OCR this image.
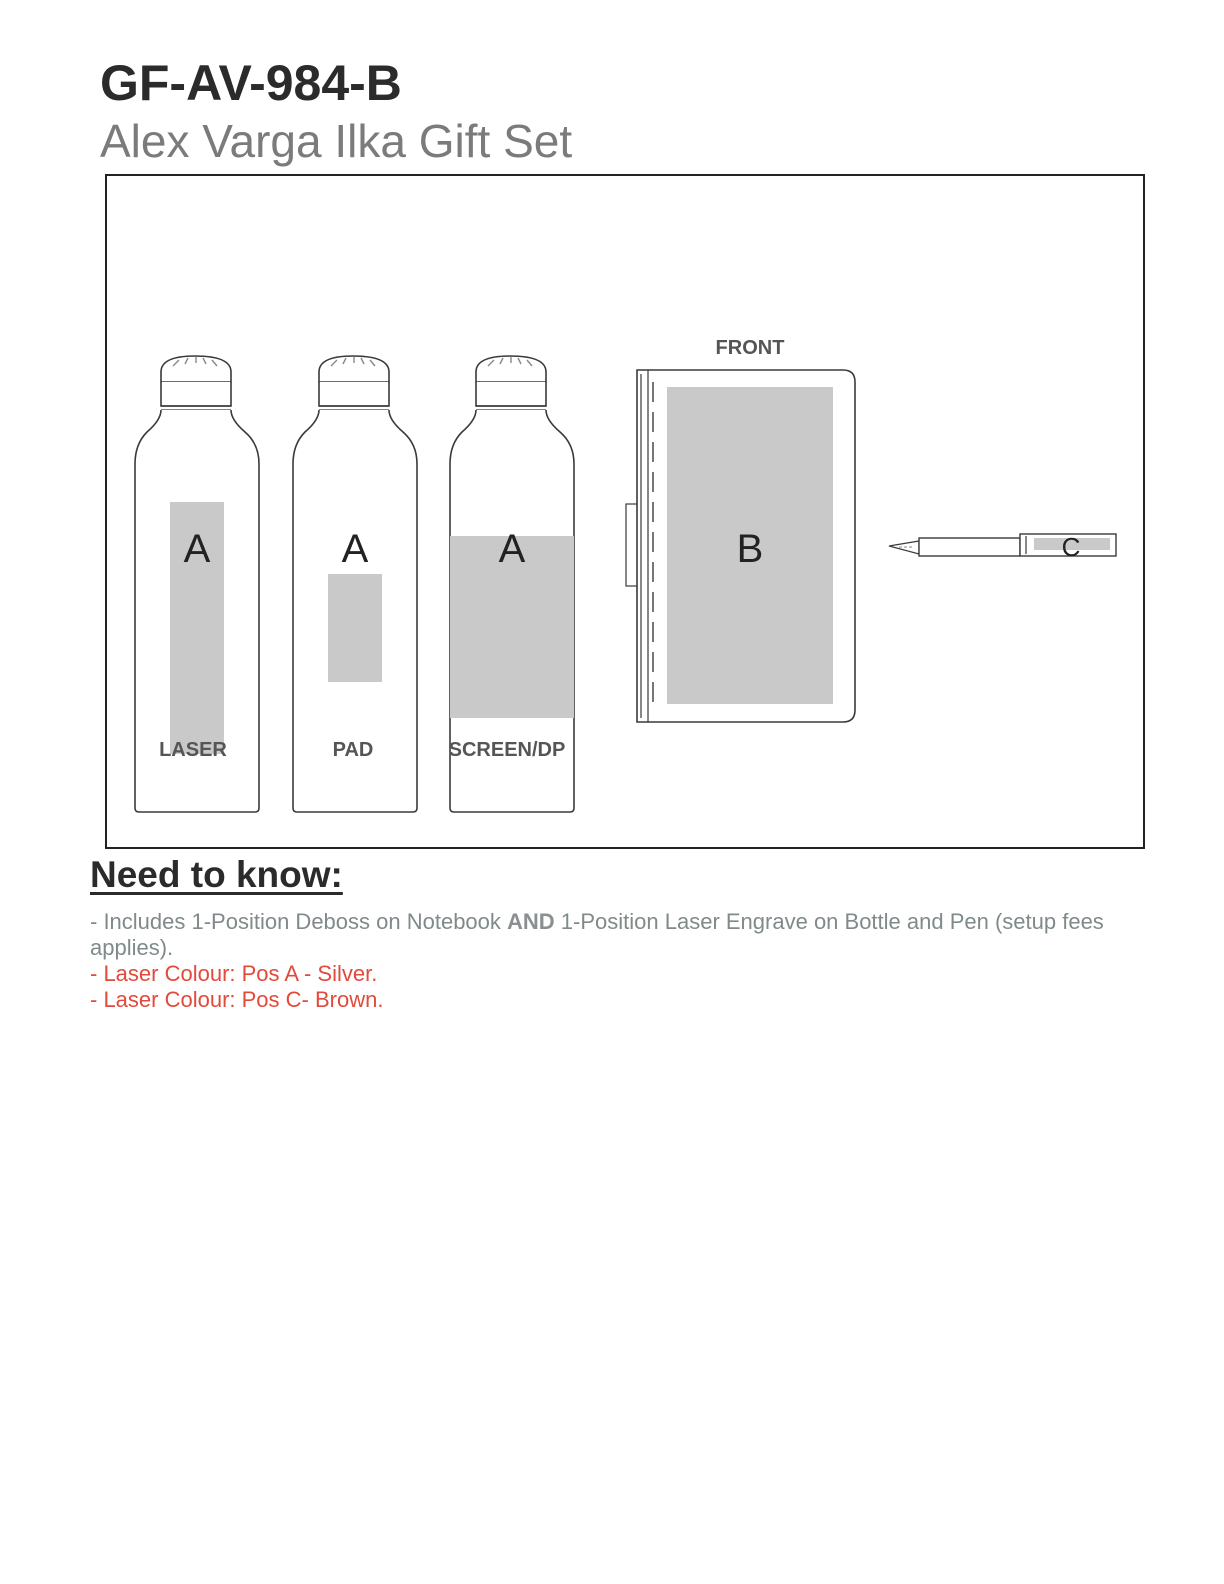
GF-AV-984-B
Alex Varga Ilka Gift Set
A	A	A
LASER	PAD	SCREEN/DP
FRONT
B	C
Need to know:

- Includes 1-Position Deboss on Notebook AND 1-Position Laser Engrave on Bottle and Pen (setup fees applies).

- Laser Colour: Pos A - Silver.

- Laser Colour: Pos C- Brown.
